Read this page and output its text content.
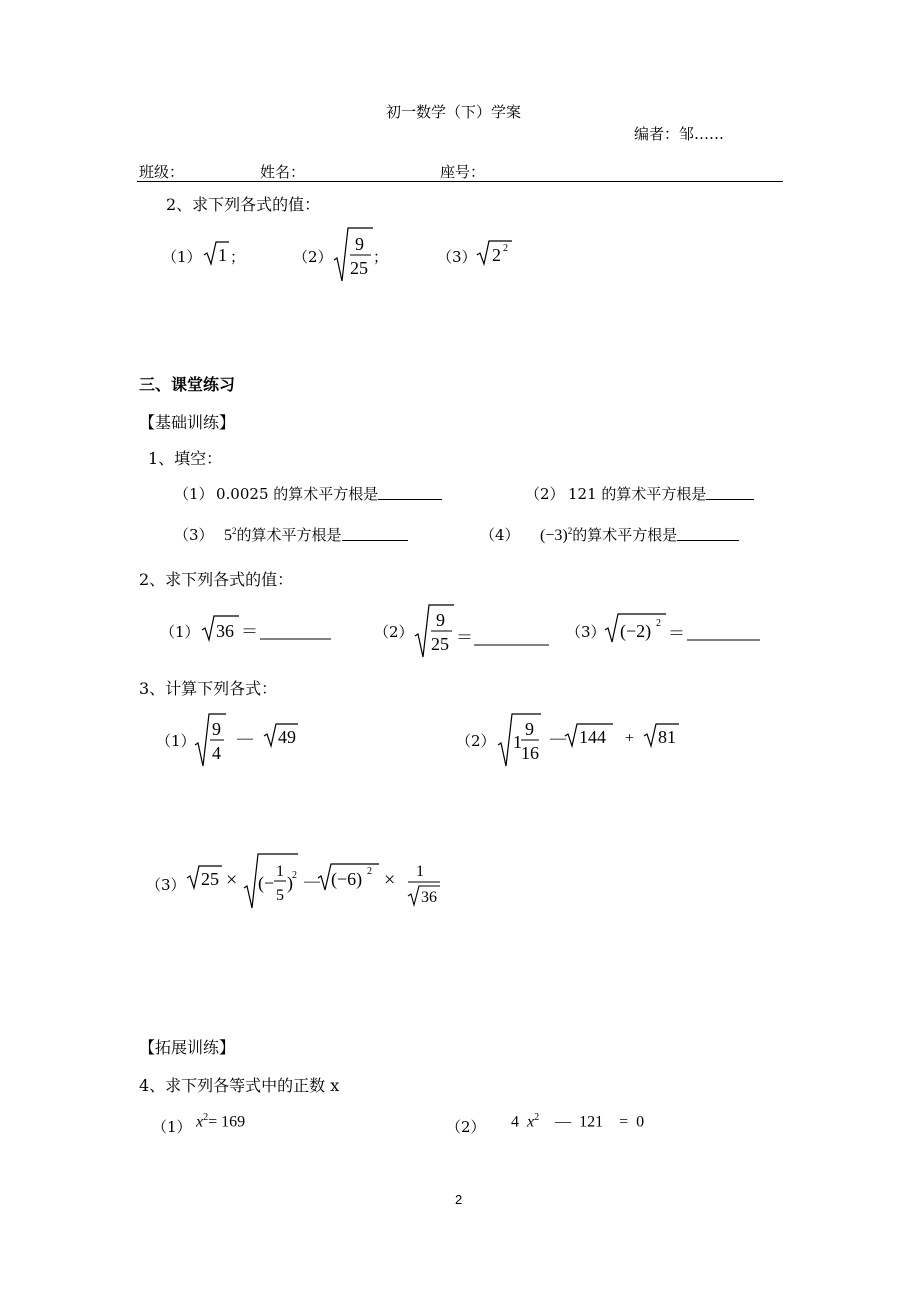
初一数学（下）学案
编者：邹……
班级：	姓名：	座号：
2、求下列各式的值：
（1） 1 ；	（2）
9
25
；	（3） 2 2
三、课堂练习
【基础训练】
1、填空：
（1） 0.0025 的算术平方根是	（2） 121 的算术平方根是
（3） $5^2$的算术平方根是	（4） $(-3)^2$的算术平方根是
2、求下列各式的值：
（1） 36 ＝	（2）
9
25 ＝	（3） (−2) 2
＝
3、计算下列各式：
（1）
9
4
— 49	（2） 1
9
16
— 144 + 81
（3） 25 × (−
1
5
) 2 — (−6) 2 × 1
36
【拓展训练】
4、求下列各等式中的正数 x
（1） $x^2= 169$	（2） 4 $x^2$ — 121 = 0
2
